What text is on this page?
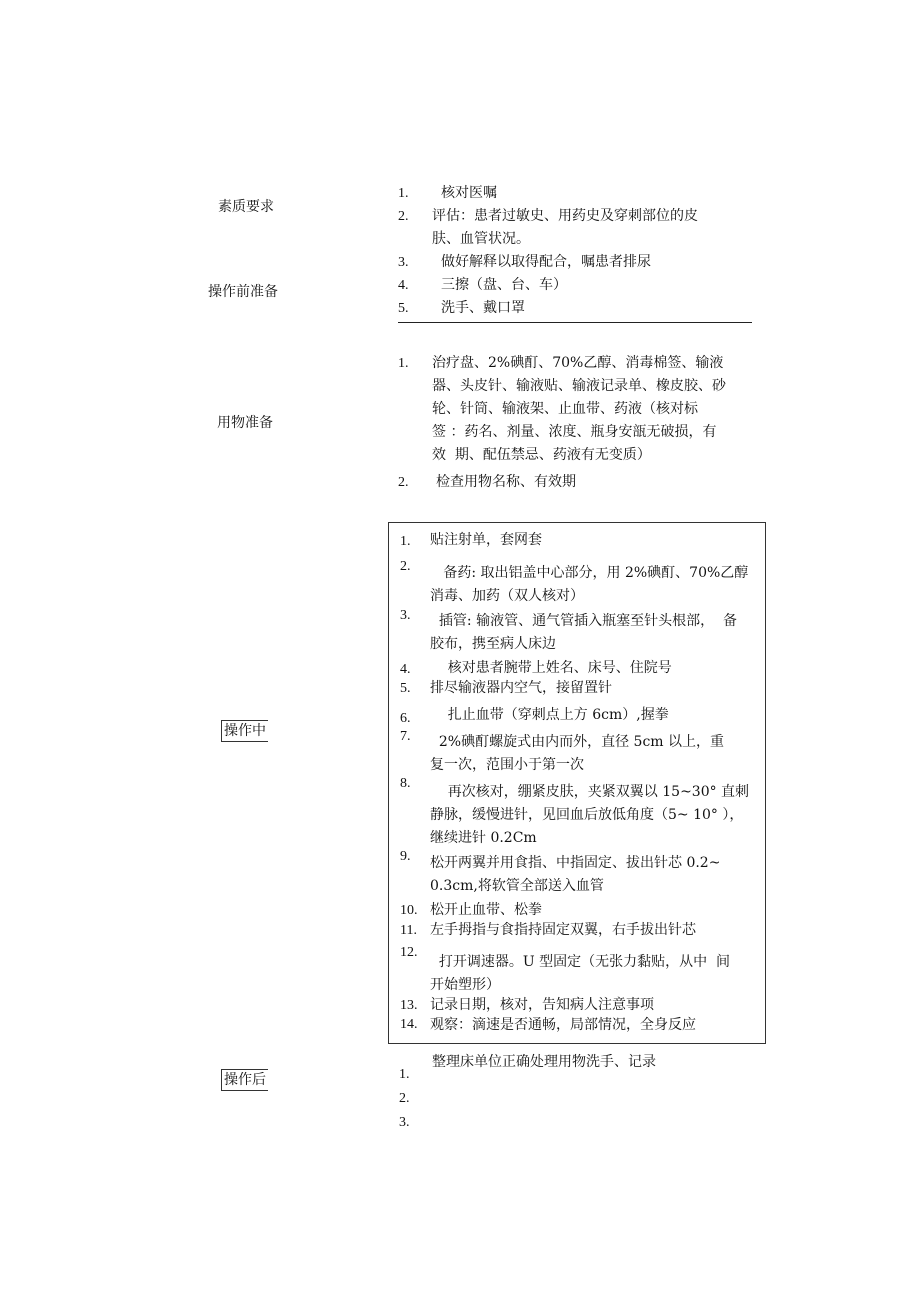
素质要求
操作前准备
用物准备
操作中
操作后
1. 核对医嘱
2. 评估：患者过敏史、用药史及穿刺部位的皮
肤、血管状况。
3. 做好解释以取得配合，嘱患者排尿
4. 三擦（盘、台、车）
5. 洗手、戴口罩
1. 治疗盘、2%碘酊、70%乙醇、消毒棉签、输液
器、头皮针、输液贴、输液记录单、橡皮胶、砂
轮、针筒、输液架、止血带、药液（核对标
签 ：药名、剂量、浓度、瓶身安瓿无破损，有
效  期、配伍禁忌、药液有无变质）
2. 检查用物名称、有效期
1. 贴注射单，套网套
2. 备药: 取出铝盖中心部分，用 2%碘酊、70%乙醇
消毒、加药（双人核对）
3. 插管: 输液管、通气管插入瓶塞至针头根部，  备
胶布，携至病人床边
4. 核对患者腕带上姓名、床号、住院号
5. 排尽输液器内空气，接留置针
6. 扎止血带（穿刺点上方 6cm）,握拳
7. 2%碘酊螺旋式由内而外，直径 5cm 以上，重
复一次，范围小于第一次
8.
再次核对，绷紧皮肤，夹紧双翼以 15~30° 直刺
静脉，缓慢进针，见回血后放低角度（5~ 10° ），
继续进针 0.2Cm
9. 松开两翼并用食指、中指固定、拔出针芯 0.2~
0.3cm,将软管全部送入血管
10. 松开止血带、松拳
11. 左手拇指与食指持固定双翼，右手拔出针芯
12.
打开调速器。U 型固定（无张力黏贴，从中  间
开始塑形）
13. 记录日期，核对，告知病人注意事项
14. 观察：滴速是否通畅，局部情况，全身反应
整理床单位正确处理用物洗手、记录
1.
2.
3.
